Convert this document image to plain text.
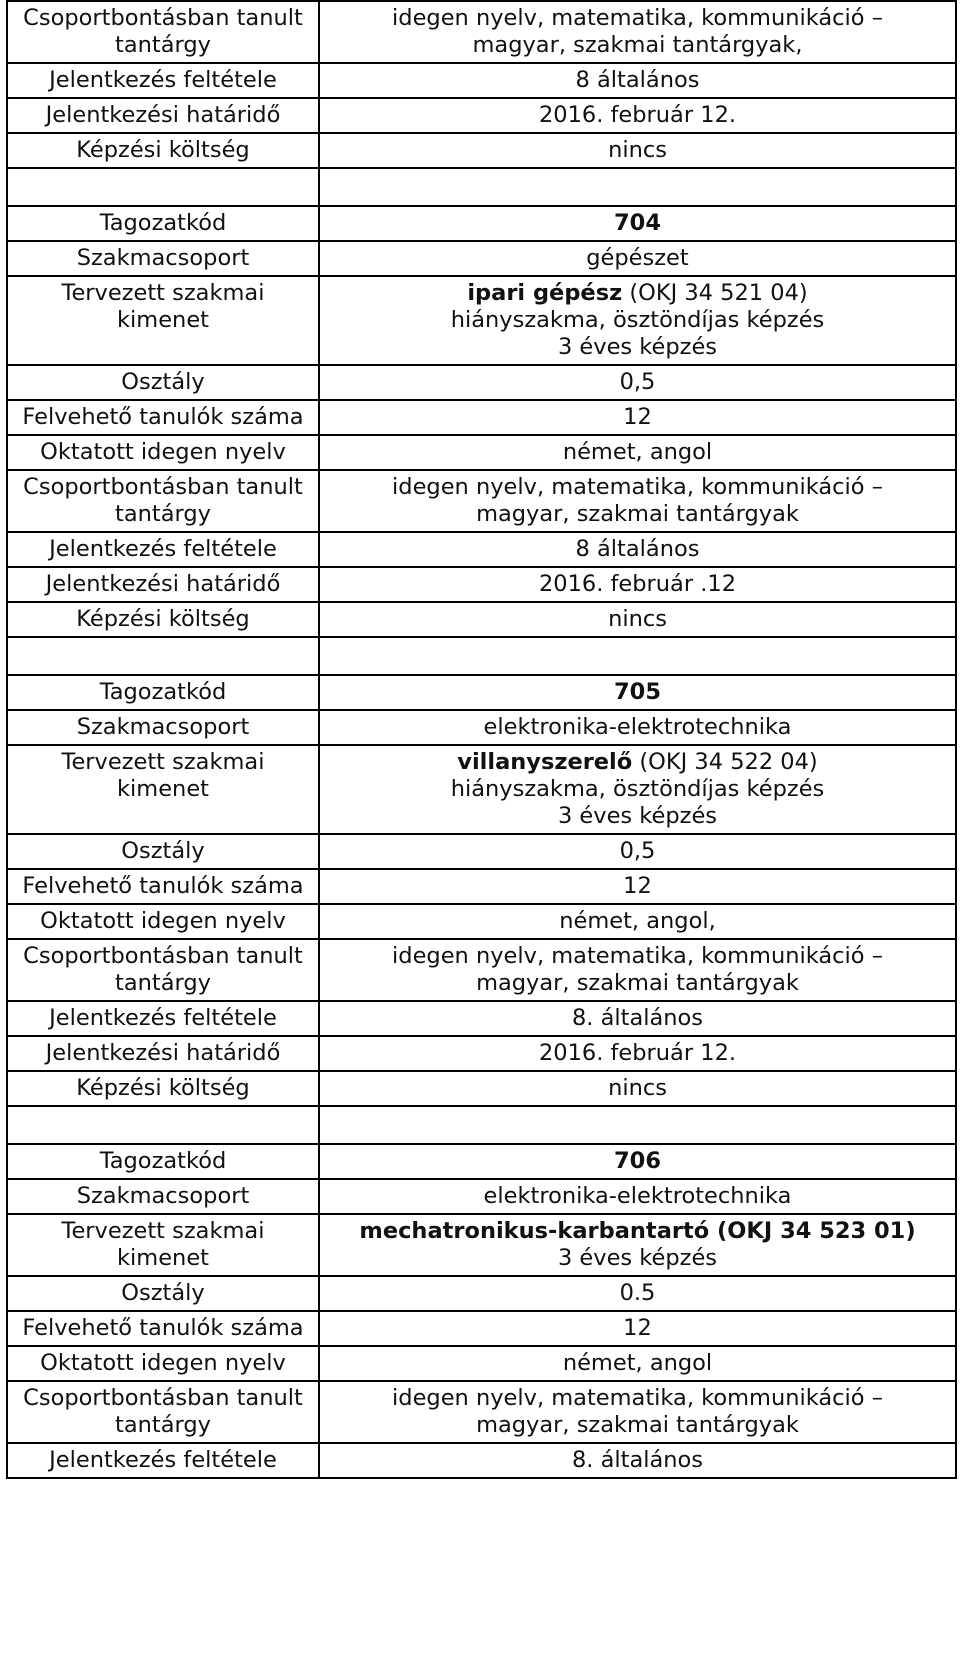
Csoportbontásban tanult tantárgy	idegen nyelv, matematika, kommunikáció –
magyar, szakmai tantárgyak,

Jelentkezés feltétele	8 általános

Jelentkezési határidő	2016. február 12.

Képzési költség	nincs

Tagozatkód	704

Szakmacsoport	gépészet

Tervezett szakmai kimenet	ipari gépész (OKJ 34 521 04)
hiányszakma, ösztöndíjas képzés
3 éves képzés

Osztály	0,5

Felvehető tanulók száma	12

Oktatott idegen nyelv	német, angol

Csoportbontásban tanult tantárgy	idegen nyelv, matematika, kommunikáció –
magyar, szakmai tantárgyak

Jelentkezés feltétele	8 általános

Jelentkezési határidő	2016. február .12

Képzési költség	nincs

Tagozatkód	705

Szakmacsoport	elektronika-elektrotechnika

Tervezett szakmai kimenet	villanyszerelő (OKJ 34 522 04)
hiányszakma, ösztöndíjas képzés
3 éves képzés

Osztály	0,5

Felvehető tanulók száma	12

Oktatott idegen nyelv	német, angol,

Csoportbontásban tanult tantárgy	idegen nyelv, matematika, kommunikáció –
magyar, szakmai tantárgyak

Jelentkezés feltétele	8. általános

Jelentkezési határidő	2016. február 12.

Képzési költség	nincs

Tagozatkód	706

Szakmacsoport	elektronika-elektrotechnika

Tervezett szakmai kimenet	mechatronikus-karbantartó (OKJ 34 523 01)
3 éves képzés

Osztály	0.5

Felvehető tanulók száma	12

Oktatott idegen nyelv	német, angol

Csoportbontásban tanult tantárgy	idegen nyelv, matematika, kommunikáció –
magyar, szakmai tantárgyak

Jelentkezés feltétele	8. általános
